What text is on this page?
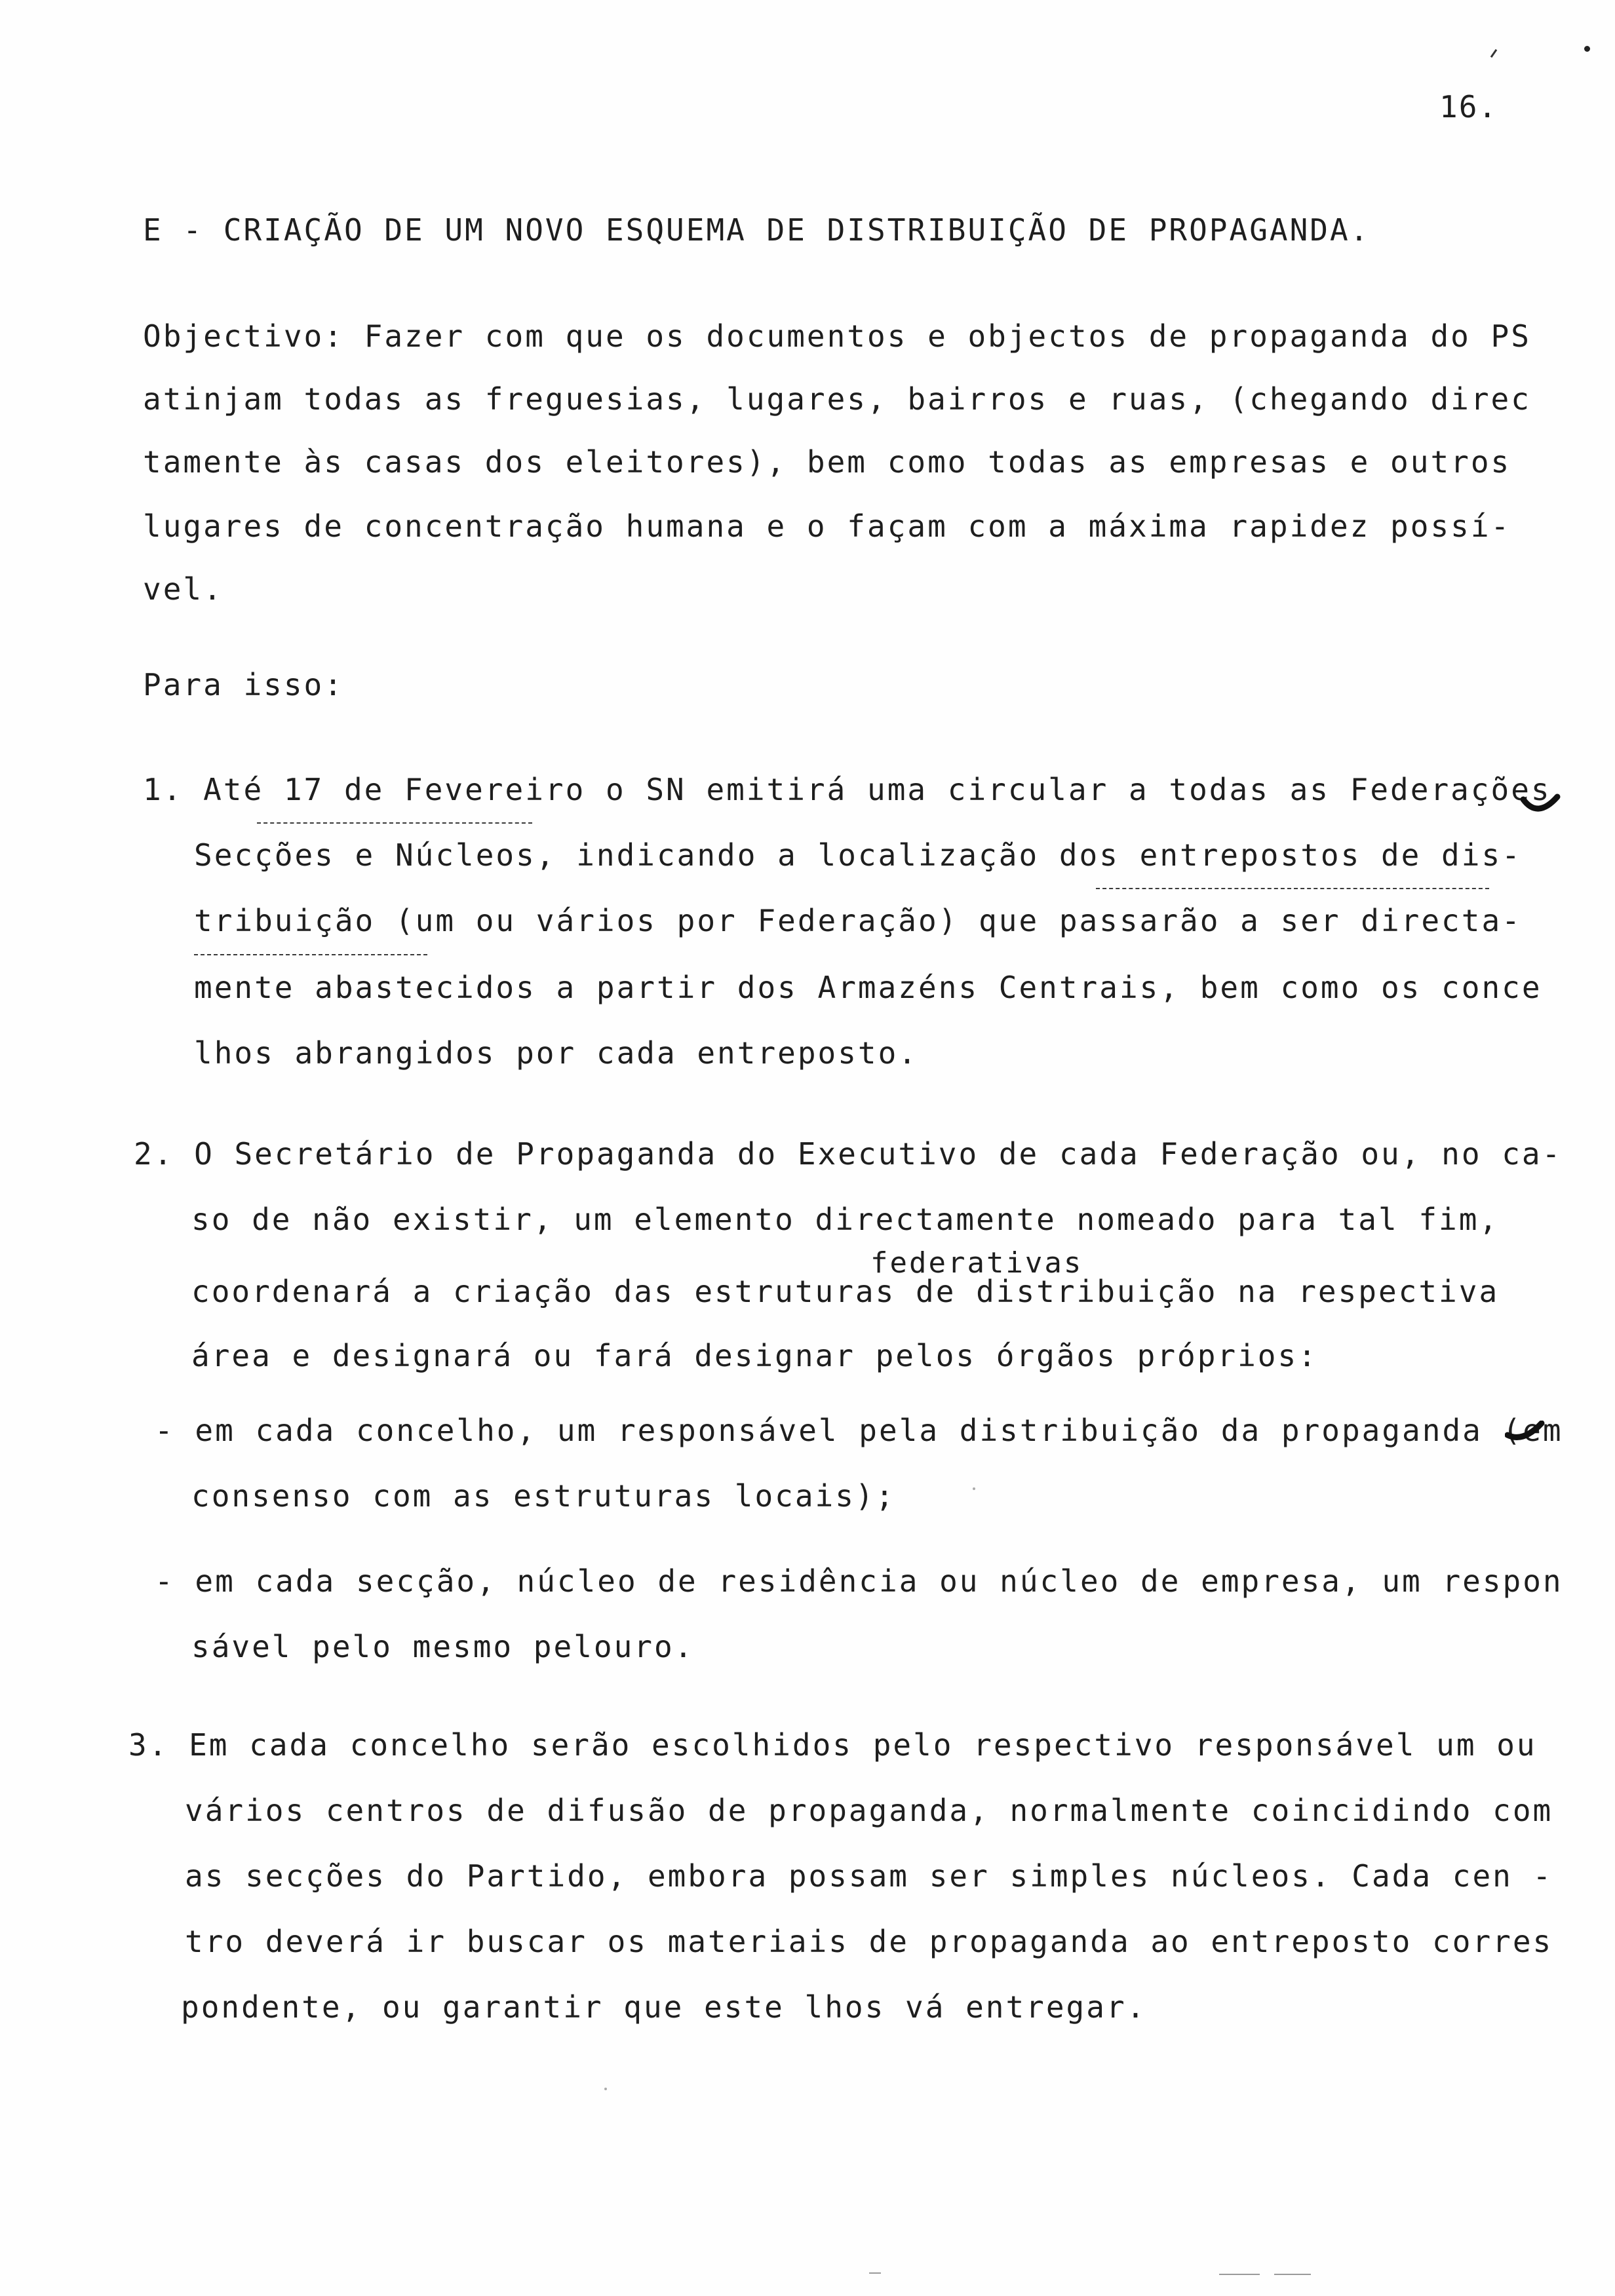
16.
E - CRIAÇÃO DE UM NOVO ESQUEMA DE DISTRIBUIÇÃO DE PROPAGANDA.
Objectivo: Fazer com que os documentos e objectos de propaganda do PS
atinjam todas as freguesias, lugares, bairros e ruas, (chegando direc
tamente às casas dos eleitores), bem como todas as empresas e outros
lugares de concentração humana e o façam com a máxima rapidez possí-
vel.
Para isso:
1. Até 17 de Fevereiro o SN emitirá uma circular a todas as Federações
Secções e Núcleos, indicando a localização dos entrepostos de dis-
tribuição (um ou vários por Federação) que passarão a ser directa-
mente abastecidos a partir dos Armazéns Centrais, bem como os conce
lhos abrangidos por cada entreposto.
2. O Secretário de Propaganda do Executivo de cada Federação ou, no ca-
so de não existir, um elemento directamente nomeado para tal fim,
federativas
coordenará a criação das estruturas de distribuição na respectiva
área e designará ou fará designar pelos órgãos próprios:
- em cada concelho, um responsável pela distribuição da propaganda (em
consenso com as estruturas locais);
- em cada secção, núcleo de residência ou núcleo de empresa, um respon
sável pelo mesmo pelouro.
3. Em cada concelho serão escolhidos pelo respectivo responsável um ou
vários centros de difusão de propaganda, normalmente coincidindo com
as secções do Partido, embora possam ser simples núcleos. Cada cen -
tro deverá ir buscar os materiais de propaganda ao entreposto corres
pondente, ou garantir que este lhos vá entregar.
